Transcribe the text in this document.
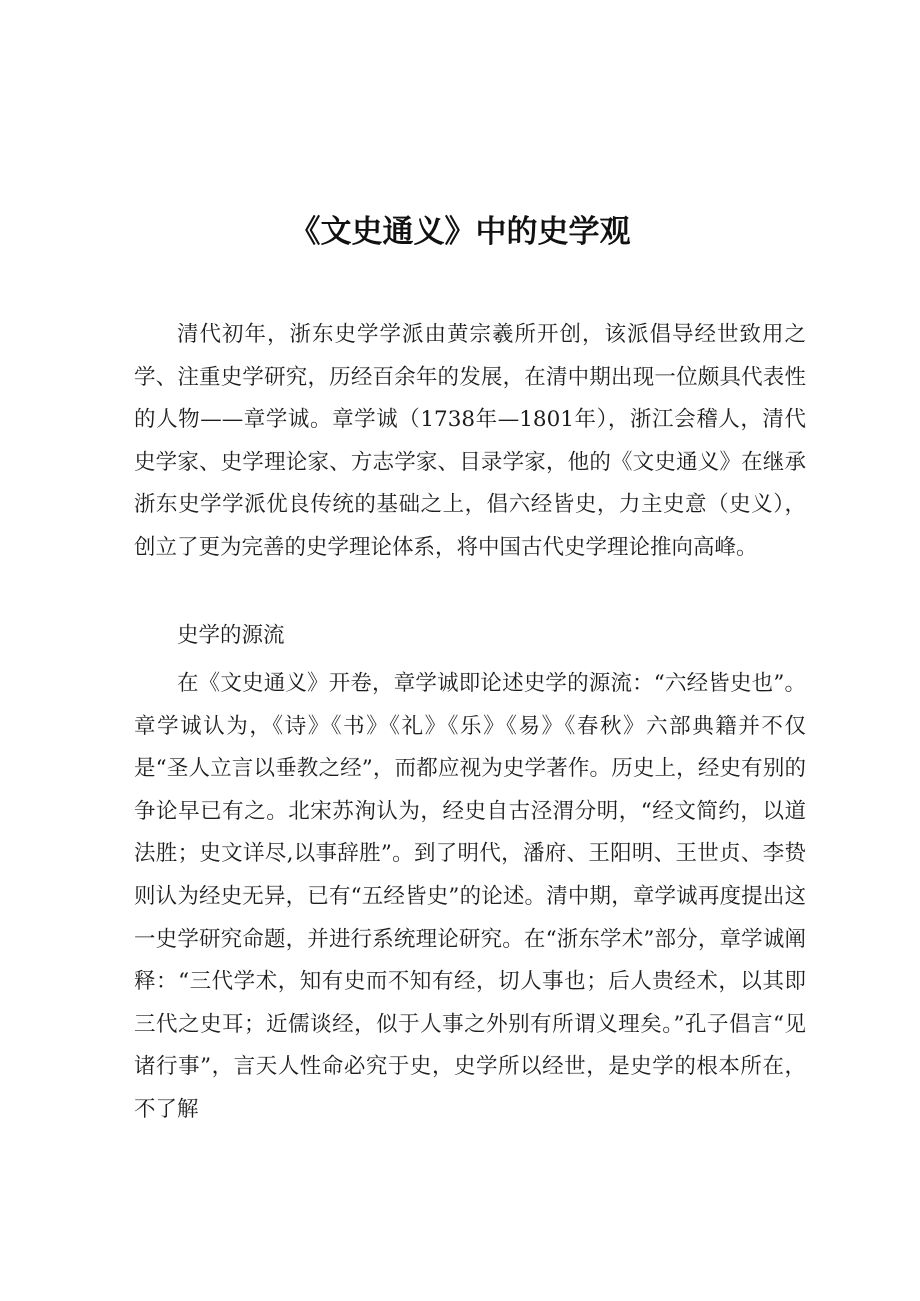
《文史通义》中的史学观

清代初年，浙东史学学派由黄宗羲所开创，该派倡导经世致用之学、注重史学研究，历经百余年的发展，在清中期出现一位颇具代表性的人物——章学诚。章学诚（1738年—1801年），浙江会稽人，清代史学家、史学理论家、方志学家、目录学家，他的《文史通义》在继承浙东史学学派优良传统的基础之上，倡六经皆史，力主史意（史义），创立了更为完善的史学理论体系，将中国古代史学理论推向高峰。

史学的源流

在《文史通义》开卷，章学诚即论述史学的源流：“六经皆史也”。章学诚认为，《诗》《书》《礼》《乐》《易》《春秋》六部典籍并不仅是“圣人立言以垂教之经”，而都应视为史学著作。历史上，经史有别的争论早已有之。北宋苏洵认为，经史自古泾渭分明，“经文简约，以道法胜；史文详尽,以事辞胜”。到了明代，潘府、王阳明、王世贞、李贽则认为经史无异，已有“五经皆史”的论述。清中期，章学诚再度提出这一史学研究命题，并进行系统理论研究。在“浙东学术”部分，章学诚阐释：“三代学术，知有史而不知有经，切人事也；后人贵经术，以其即三代之史耳；近儒谈经，似于人事之外别有所谓义理矣。”孔子倡言“见诸行事”，言天人性命必究于史，史学所以经世，是史学的根本所在，不了解
